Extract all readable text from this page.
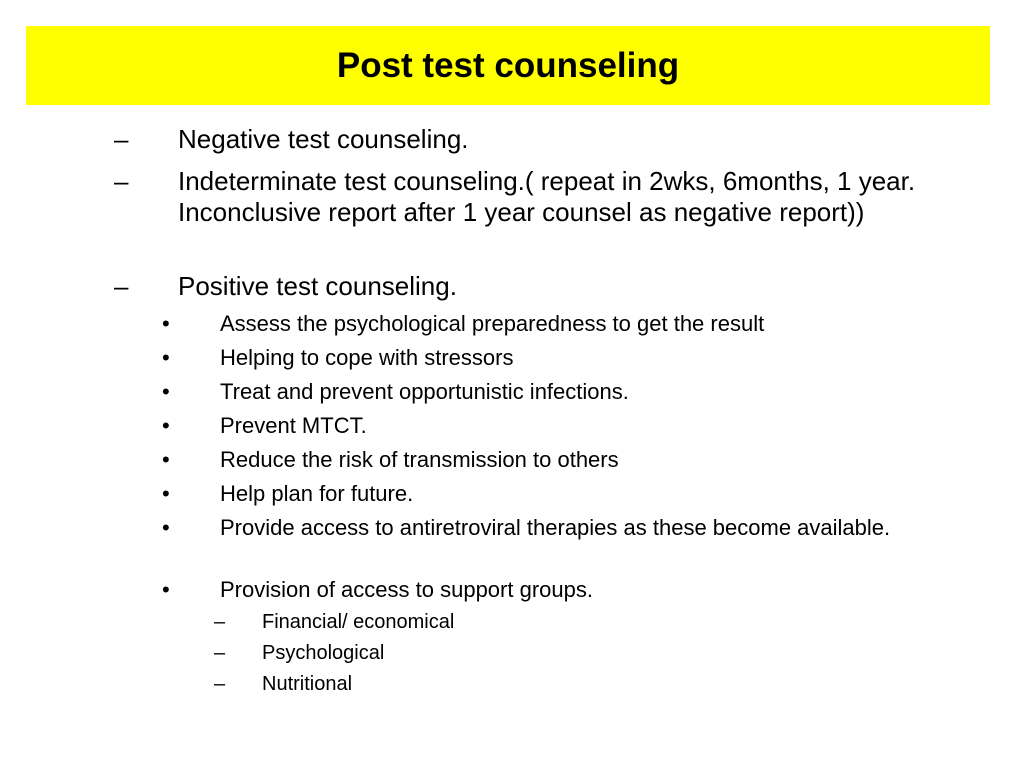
Post test counseling
–	Negative test counseling.
–	Indeterminate test counseling.( repeat in 2wks, 6months, 1 year. Inconclusive report after 1 year counsel as negative report))
–	Positive test counseling.
•	Assess the psychological preparedness to get the result
•	Helping to cope with stressors
•	Treat and prevent opportunistic infections.
•	Prevent MTCT.
•	Reduce the risk of transmission to others
•	Help plan for future.
•	Provide access to antiretroviral therapies as these become available.
•	Provision of access to support groups.
–	Financial/ economical
–	Psychological
–	Nutritional
